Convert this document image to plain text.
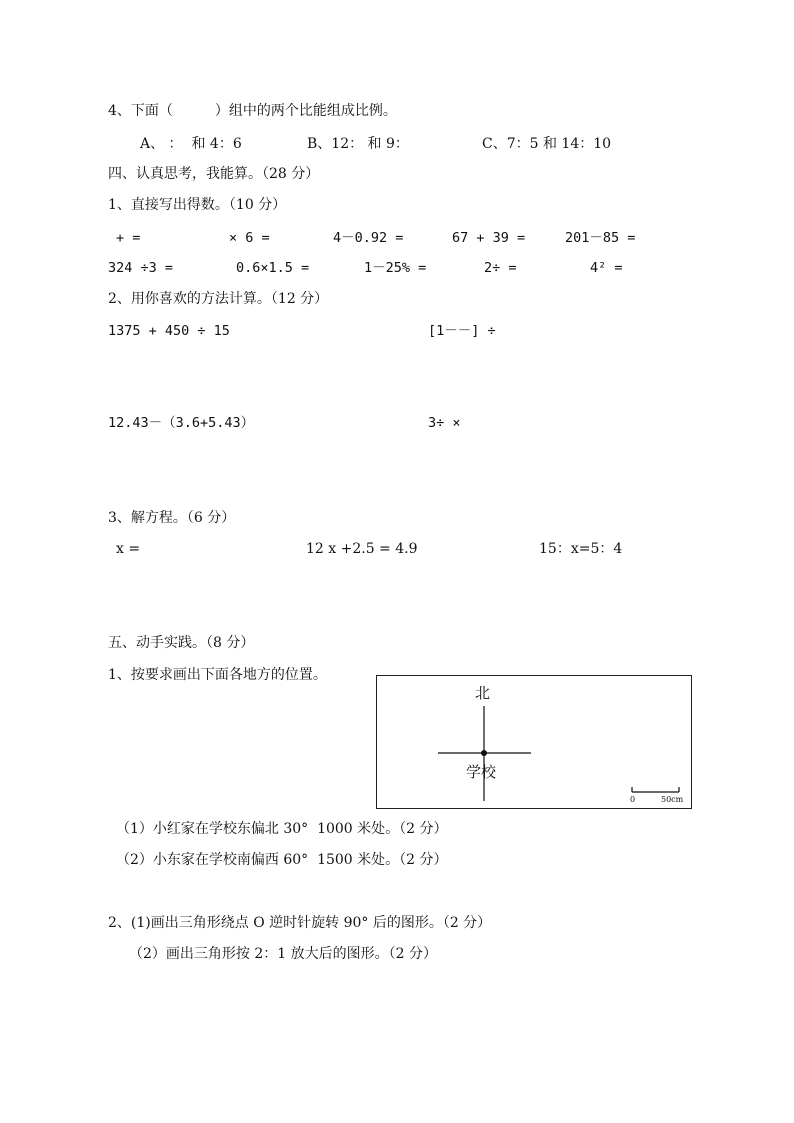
4、下面（　　　）组中的两个比能组成比例。
A、 ：  和 4：6	B、12： 和 9：	C、7：5 和 14：10
四、认真思考，我能算。（28 分）
1、直接写出得数。（10 分）
+ =	× 6 =	4－0.92 =	67 + 39 =	201－85 =
324 ÷3 =	0.6×1.5 =	1－25% =	2÷ =	4² =
2、用你喜欢的方法计算。（12 分）
1375 + 450 ÷ 15	[1－－] ÷
12.43－（3.6+5.43）	3÷ ×
3、解方程。（6 分）
x =	12 x +2.5 = 4.9	15：x=5：4
五、动手实践。（8 分）
1、按要求画出下面各地方的位置。
北
学校
0	50cm
（1）小红家在学校东偏北 30°  1000 米处。（2 分）
（2）小东家在学校南偏西 60°  1500 米处。（2 分）
2、(1)画出三角形绕点 O 逆时针旋转 90° 后的图形。（2 分）
（2）画出三角形按 2：1 放大后的图形。（2 分）
